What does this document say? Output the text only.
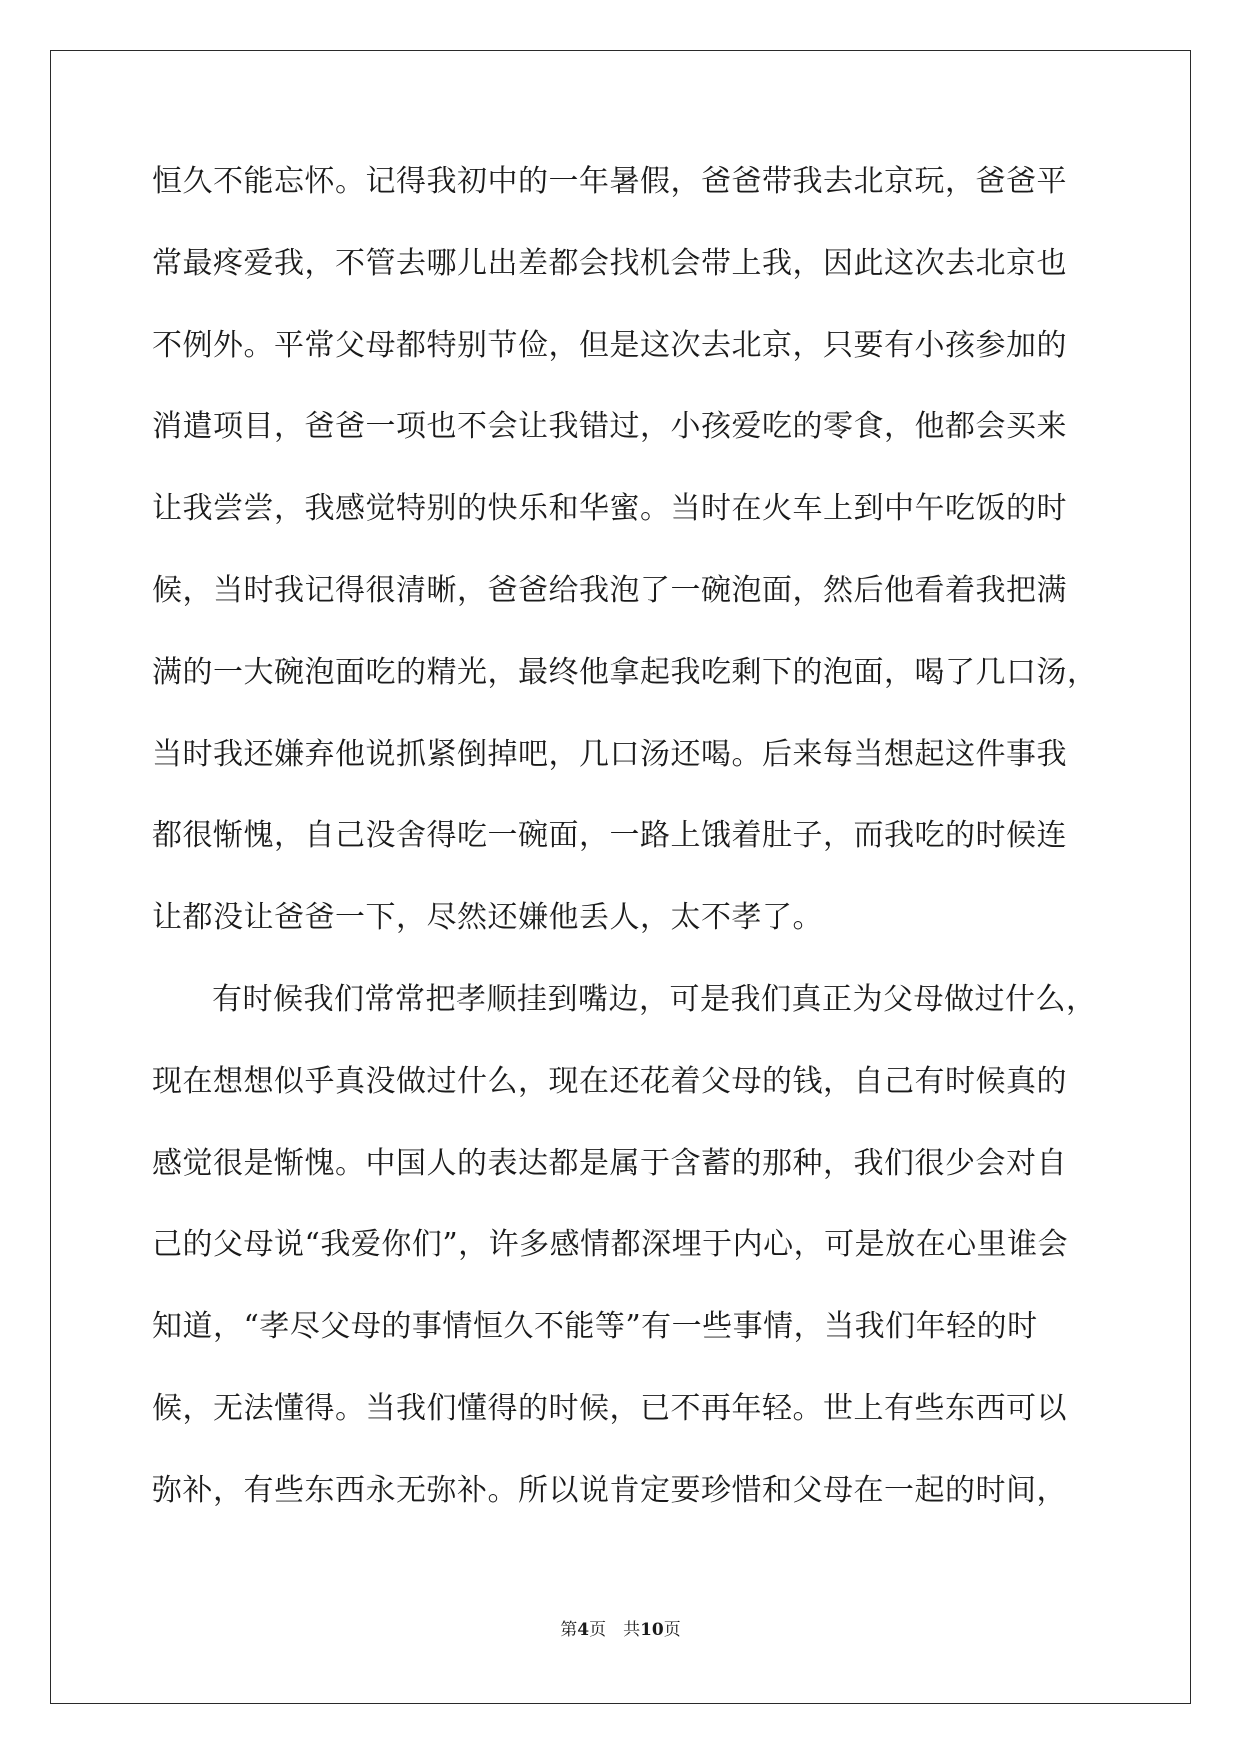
恒久不能忘怀。记得我初中的一年暑假，爸爸带我去北京玩，爸爸平
常最疼爱我，不管去哪儿出差都会找机会带上我，因此这次去北京也
不例外。平常父母都特别节俭，但是这次去北京，只要有小孩参加的
消遣项目，爸爸一项也不会让我错过，小孩爱吃的零食，他都会买来
让我尝尝，我感觉特别的快乐和华蜜。当时在火车上到中午吃饭的时
候，当时我记得很清晰，爸爸给我泡了一碗泡面，然后他看着我把满
满的一大碗泡面吃的精光，最终他拿起我吃剩下的泡面，喝了几口汤，
当时我还嫌弃他说抓紧倒掉吧，几口汤还喝。后来每当想起这件事我
都很惭愧，自己没舍得吃一碗面，一路上饿着肚子，而我吃的时候连
让都没让爸爸一下，尽然还嫌他丢人，太不孝了。
有时候我们常常把孝顺挂到嘴边，可是我们真正为父母做过什么，
现在想想似乎真没做过什么，现在还花着父母的钱，自己有时候真的
感觉很是惭愧。中国人的表达都是属于含蓄的那种，我们很少会对自
己的父母说“我爱你们”，许多感情都深埋于内心，可是放在心里谁会
知道，“孝尽父母的事情恒久不能等”有一些事情，当我们年轻的时
候，无法懂得。当我们懂得的时候，已不再年轻。世上有些东西可以
弥补，有些东西永无弥补。所以说肯定要珍惜和父母在一起的时间，
第4页　共10页
